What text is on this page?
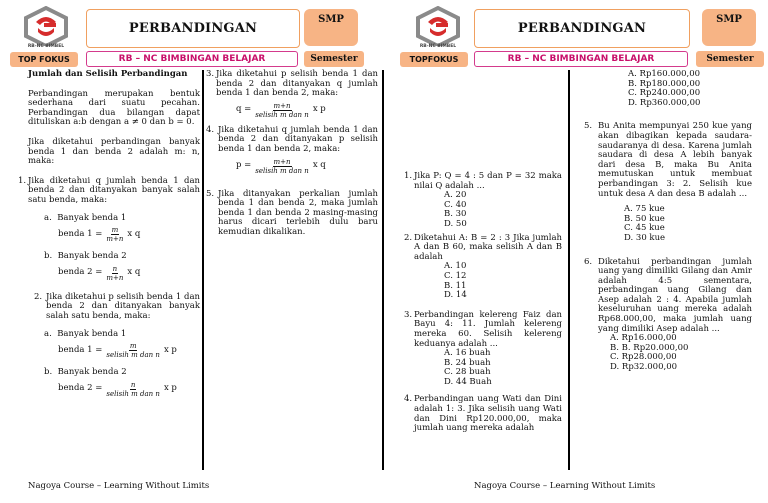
RB-NC BIMBEL
PERBANDINGAN
SMP
TOP FOKUS	RB – NC BIMBINGAN BELAJAR	Semester
Jumlah dan Selisih Perbandingan

Perbandingan merupakan bentuk sederhana dari suatu pecahan. Perbandingan dua bilangan dapat dituliskan a:b dengan a ≠ 0 dan b = 0.

Jika diketahui perbandingan banyak benda 1 dan benda 2 adalah m: n, maka:

1. Jika diketahui q jumlah benda 1 dan benda 2 dan ditanyakan banyak salah satu benda, maka:
a. Banyak benda 1
benda $1 = \frac{m}{m+n}$ x q
b. Banyak benda 2
benda $2 = \frac{n}{m+n}$ x q
2. Jika diketahui p selisih benda 1 dan benda 2 dan ditanyakan banyak salah satu benda, maka:
a. Banyak benda 1
benda $1 = \frac{m}{\text{selisih m dan n}}$ x p
b. Banyak benda 2
benda $2 = \frac{n}{\text{selisih m dan n}}$ x p
3. Jika diketahui p selisih benda 1 dan benda 2 dan ditanyakan q jumlah benda 1 dan benda 2, maka:
$q = \frac{m+n}{\text{selisih m dan n}}$ x p
4. Jika diketahui q jumlah benda 1 dan benda 2 dan ditanyakan p selisih benda 1 dan benda 2, maka:
$p = \frac{m+n}{\text{selisih m dan n}}$ x q
5. Jika ditanyakan perkalian jumlah benda 1 dan benda 2, maka jumlah benda 1 dan benda 2 masing-masing harus dicari terlebih dulu baru kemudian dikalikan.
Nagoya Course – Learning Without Limits
RB-NC BIMBEL
PERBANDINGAN
SMP
TOPFOKUS	RB – NC BIMBINGAN BELAJAR	Semester
1. Jika P: Q = 4 : 5 dan P = 32 maka nilai Q adalah ...
A. 20
C. 40
B. 30
D. 50
2. Diketahui A: B = 2 : 3 Jika jumlah A dan B 60, maka selisih A dan B adalah
A. 10
C. 12
B. 11
D. 14
3. Perbandingan kelereng Faiz dan Bayu 4: 11. Jumlah kelereng mereka 60. Selisih kelereng keduanya adalah ...
A. 16 buah
B. 24 buah
C. 28 buah
D. 44 Buah
4. Perbandingan uang Wati dan Dini adalah 1: 3. Jika selisih uang Wati dan Dini Rp120.000,00, maka jumlah uang mereka adalah
A. Rp160.000,00
B. Rp180.000,00
C. Rp240.000,00
D. Rp360.000,00
5. Bu Anita mempunyai 250 kue yang akan dibagikan kepada saudara-saudaranya di desa. Karena jumlah saudara di desa A lebih banyak dari desa B, maka Bu Anita memutuskan untuk membuat perbandingan 3: 2. Selisih kue untuk desa A dan desa B adalah ...
A. 75 kue
B. 50 kue
C. 45 kue
D. 30 kue
6. Diketahui perbandingan jumlah uang yang dimiliki Gilang dan Amir adalah 4:5 sementara, perbandingan uang Gilang dan Asep adalah 2 : 4. Apabila jumlah keseluruhan uang mereka adalah Rp68.000,00, maka jumlah uang yang dimiliki Asep adalah ...
A. Rp16.000,00
B. B. Rp20.000,00
C. Rp28.000,00
D. Rp32.000,00
Nagoya Course – Learning Without Limits
